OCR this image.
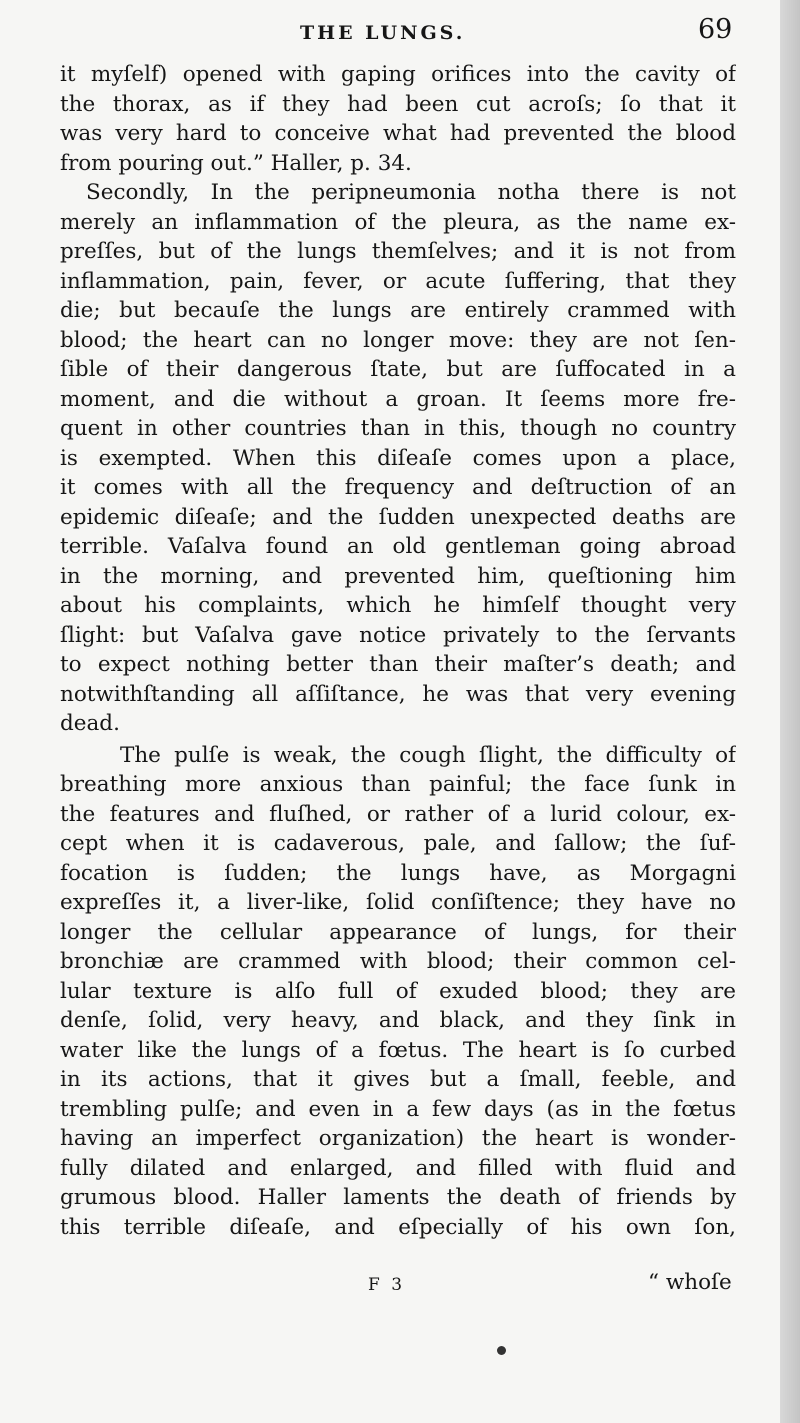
THE LUNGS.	69
it myſelf) opened with gaping orifices into the cavity of
the thorax, as if they had been cut acroſs; ſo that it
was very hard to conceive what had prevented the blood
from pouring out.” Haller, p. 34.
Secondly, In the peripneumonia notha there is not
merely an inflammation of the pleura, as the name ex-
preſſes, but of the lungs themſelves; and it is not from
inflammation, pain, fever, or acute ſuffering, that they
die; but becauſe the lungs are entirely crammed with
blood; the heart can no longer move: they are not ſen-
ſible of their dangerous ſtate, but are ſuffocated in a
moment, and die without a groan. It ſeems more fre-
quent in other countries than in this, though no country
is exempted. When this diſeaſe comes upon a place,
it comes with all the frequency and deſtruction of an
epidemic diſeaſe; and the ſudden unexpected deaths are
terrible. Vaſalva found an old gentleman going abroad
in the morning, and prevented him, queſtioning him
about his complaints, which he himſelf thought very
ſlight: but Vaſalva gave notice privately to the ſervants
to expect nothing better than their maſter’s death; and
notwithſtanding all aſſiſtance, he was that very evening
dead.
The pulſe is weak, the cough ſlight, the difficulty of
breathing more anxious than painful; the face ſunk in
the features and fluſhed, or rather of a lurid colour, ex-
cept when it is cadaverous, pale, and ſallow; the ſuf-
focation is ſudden; the lungs have, as Morgagni
expreſſes it, a liver-like, ſolid conſiſtence; they have no
longer the cellular appearance of lungs, for their
bronchiæ are crammed with blood; their common cel-
lular texture is alſo full of exuded blood; they are
denſe, ſolid, very heavy, and black, and they ſink in
water like the lungs of a fœtus. The heart is ſo curbed
in its actions, that it gives but a ſmall, feeble, and
trembling pulſe; and even in a few days (as in the fœtus
having an imperfect organization) the heart is wonder-
fully dilated and enlarged, and filled with fluid and
grumous blood. Haller laments the death of friends by
this terrible diſeaſe, and eſpecially of his own ſon,
F 3	“ whoſe
